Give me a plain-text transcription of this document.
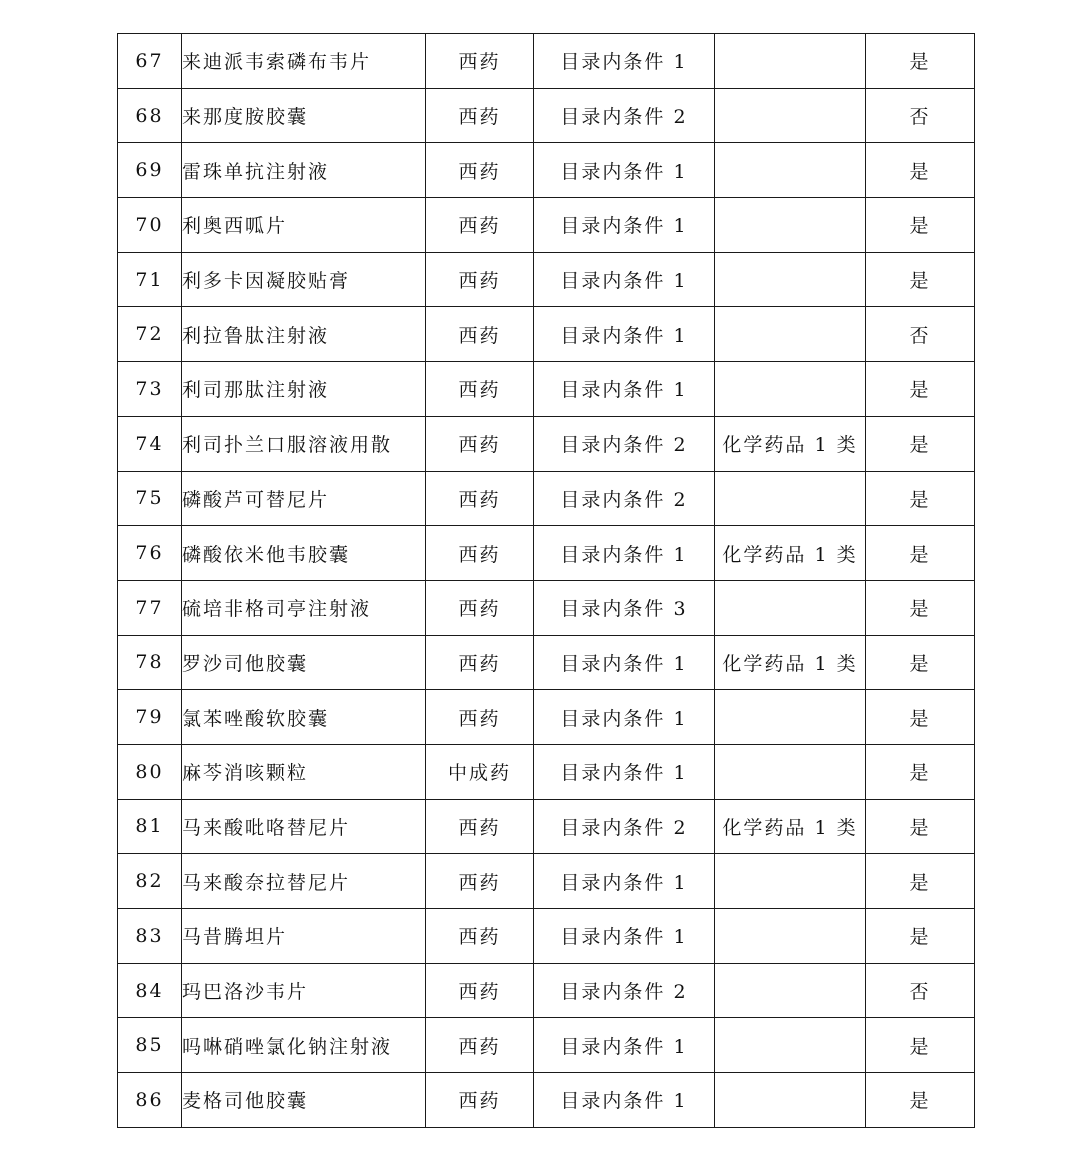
67	来迪派韦索磷布韦片	西药	目录内条件 1		是
68	来那度胺胶囊	西药	目录内条件 2		否
69	雷珠单抗注射液	西药	目录内条件 1		是
70	利奥西呱片	西药	目录内条件 1		是
71	利多卡因凝胶贴膏	西药	目录内条件 1		是
72	利拉鲁肽注射液	西药	目录内条件 1		否
73	利司那肽注射液	西药	目录内条件 1		是
74	利司扑兰口服溶液用散	西药	目录内条件 2	化学药品 1 类	是
75	磷酸芦可替尼片	西药	目录内条件 2		是
76	磷酸依米他韦胶囊	西药	目录内条件 1	化学药品 1 类	是
77	硫培非格司亭注射液	西药	目录内条件 3		是
78	罗沙司他胶囊	西药	目录内条件 1	化学药品 1 类	是
79	氯苯唑酸软胶囊	西药	目录内条件 1		是
80	麻芩消咳颗粒	中成药	目录内条件 1		是
81	马来酸吡咯替尼片	西药	目录内条件 2	化学药品 1 类	是
82	马来酸奈拉替尼片	西药	目录内条件 1		是
83	马昔腾坦片	西药	目录内条件 1		是
84	玛巴洛沙韦片	西药	目录内条件 2		否
85	吗啉硝唑氯化钠注射液	西药	目录内条件 1		是
86	麦格司他胶囊	西药	目录内条件 1		是
